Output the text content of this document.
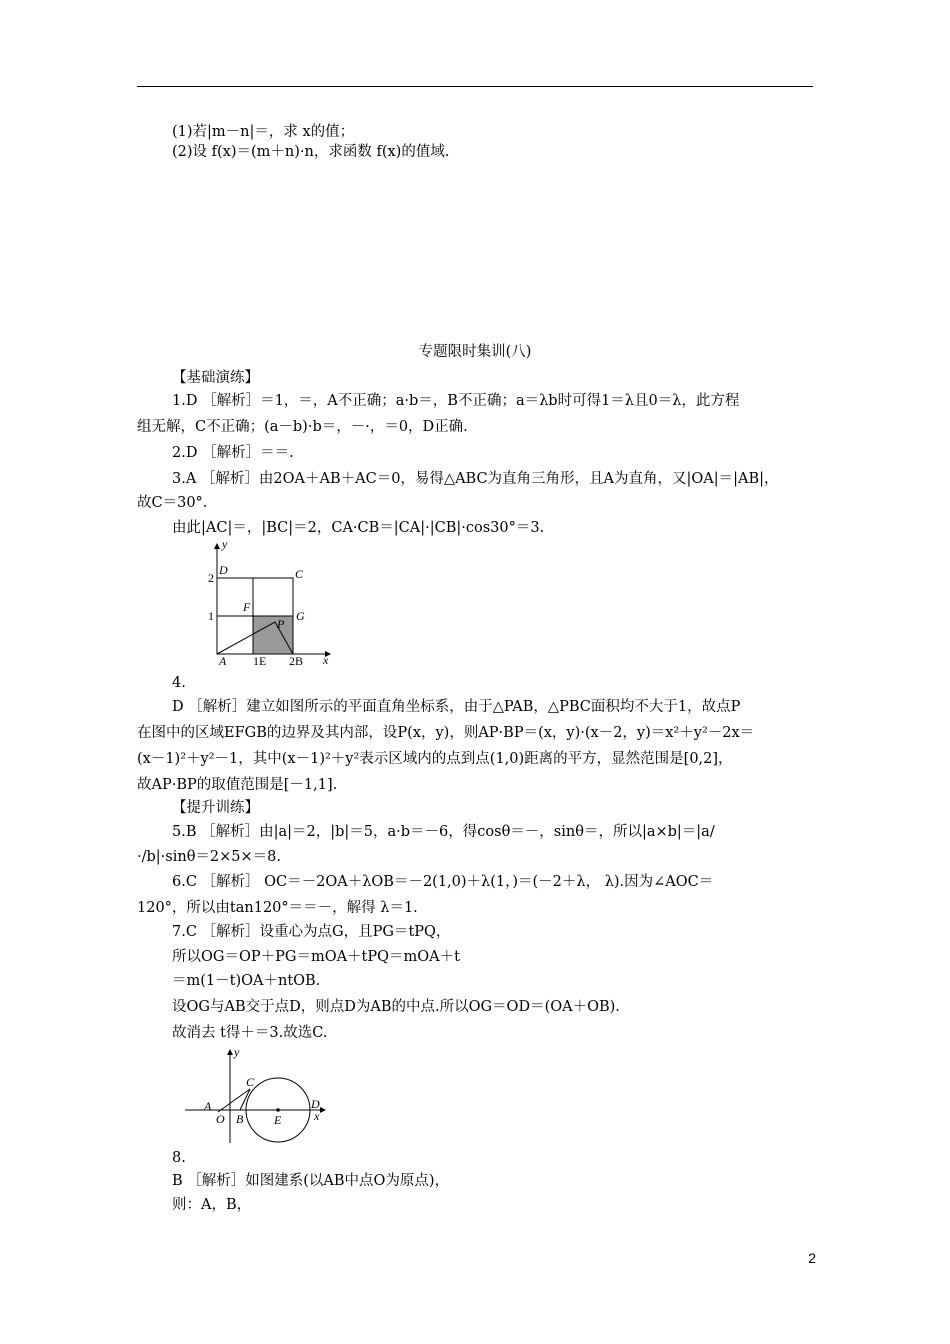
(1)若|m－n|＝，求 x的值；
(2)设 f(x)＝(m＋n)·n，求函数 f(x)的值域.
专题限时集训(八)
【基础演练】
1.D ［解析］＝1，＝，A不正确；a·b＝，B不正确；a＝λb时可得1＝λ且0＝λ，此方程
组无解，C不正确；(a－b)·b＝，－·，＝0，D正确.
2.D ［解析］＝＝.
3.A ［解析］由2OA＋AB＋AC＝0，易得△ABC为直角三角形，且A为直角，又|OA|＝|AB|，
故C＝30°.
由此|AC|＝，|BC|＝2，CA·CB＝|CA|·|CB|·cos30°＝3.
y
2
D	C
F
1	G
P
A 1E 2B x
4.
D ［解析］建立如图所示的平面直角坐标系，由于△PAB，△PBC面积均不大于1，故点P
在图中的区域EFGB的边界及其内部，设P(x，y)，则AP·BP＝(x，y)·(x－2，y)＝x²＋y²－2x＝
(x－1)²＋y²－1，其中(x－1)²＋y²表示区域内的点到点(1,0)距离的平方，显然范围是[0,2]，
故AP·BP的取值范围是[－1,1].
【提升训练】
5.B ［解析］由|a|＝2，|b|＝5，a·b＝－6，得cosθ＝－，sinθ＝，所以|a×b|＝|a/
·/b|·sinθ＝2×5×＝8.
6.C ［解析］ OC＝－2OA＋λOB＝－2(1,0)＋λ(1，)＝(－2＋λ， λ).因为∠AOC＝
120°，所以由tan120°＝＝－，解得 λ＝1.
7.C ［解析］设重心为点G，且PG＝tPQ，
所以OG＝OP＋PG＝mOA＋tPQ＝mOA＋t
＝m(1－t)OA＋ntOB.
设OG与AB交于点D，则点D为AB的中点.所以OG＝OD＝(OA＋OB).
故消去 t得＋＝3.故选C.
y
C
A
O B	E
D
x
8.
B ［解析］如图建系(以AB中点O为原点)，
则：A，B，
2
